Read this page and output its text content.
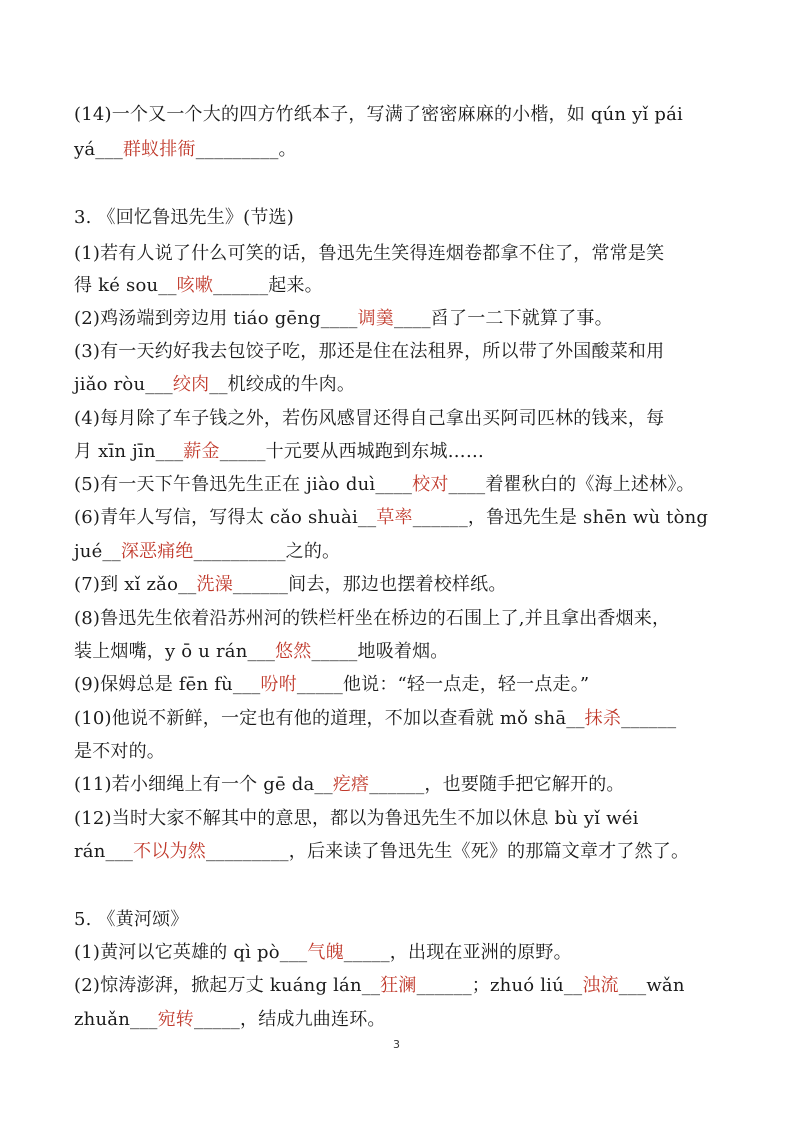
(14)一个又一个大的四方竹纸本子，写满了密密麻麻的小楷，如 qún yǐ pái
yá___群蚁排衙_________。
3. 《回忆鲁迅先生》(节选)
(1)若有人说了什么可笑的话，鲁迅先生笑得连烟卷都拿不住了，常常是笑
得 ké sou__咳嗽______起来。
(2)鸡汤端到旁边用 tiáo gēng____调羹____舀了一二下就算了事。
(3)有一天约好我去包饺子吃，那还是住在法租界，所以带了外国酸菜和用
jiǎo ròu___绞肉__机绞成的牛肉。
(4)每月除了车子钱之外，若伤风感冒还得自己拿出买阿司匹林的钱来，每
月 xīn jīn___薪金_____十元要从西城跑到东城……
(5)有一天下午鲁迅先生正在 jiào duì____校对____着瞿秋白的《海上述林》。
(6)青年人写信，写得太 cǎo shuài__草率______，鲁迅先生是 shēn wù tòng
jué__深恶痛绝__________之的。
(7)到 xǐ zǎo__洗澡______间去，那边也摆着校样纸。
(8)鲁迅先生依着沿苏州河的铁栏杆坐在桥边的石围上了,并且拿出香烟来，
装上烟嘴，y ō u rán___悠然_____地吸着烟。
(9)保姆总是 fēn fù___吩咐_____他说：“轻一点走，轻一点走。”
(10)他说不新鲜，一定也有他的道理，不加以查看就 mǒ shā__抹杀______
是不对的。
(11)若小细绳上有一个 gē da__疙瘩______，也要随手把它解开的。
(12)当时大家不解其中的意思，都以为鲁迅先生不加以休息 bù yǐ wéi
rán___不以为然_________，后来读了鲁迅先生《死》的那篇文章才了然了。
5. 《黄河颂》
(1)黄河以它英雄的 qì pò___气魄_____，出现在亚洲的原野。
(2)惊涛澎湃，掀起万丈 kuáng lán__狂澜______；zhuó liú__浊流___wǎn
zhuǎn___宛转_____，结成九曲连环。
3
